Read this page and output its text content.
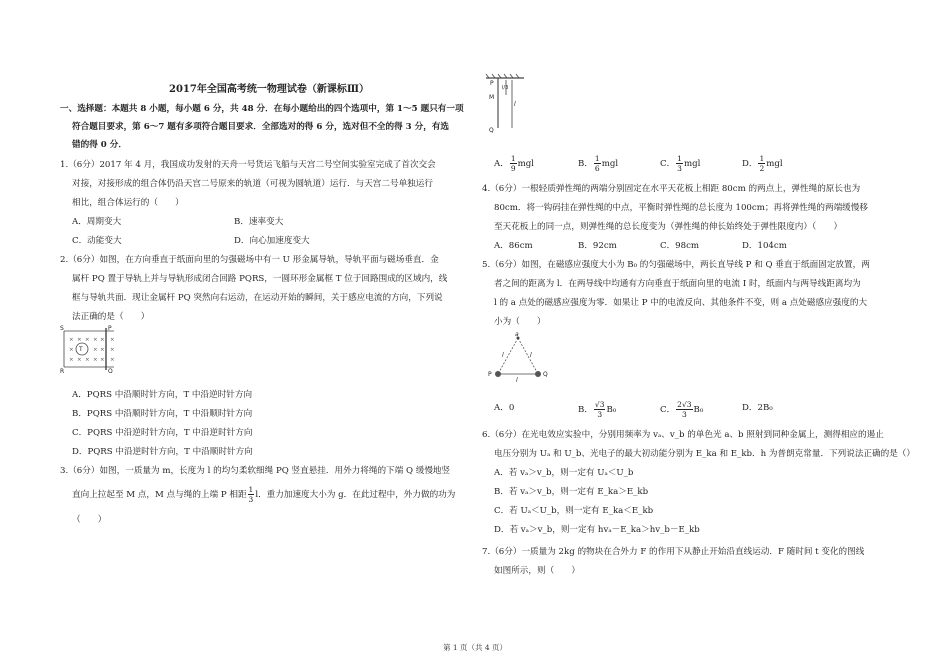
2017年全国高考统一物理试卷（新课标Ⅲ）
一、选择题：本题共 8 小题，每小题 6 分，共 48 分．在每小题给出的四个选项中，第 1～5 题只有一项
符合题目要求，第 6～7 题有多项符合题目要求．全部选对的得 6 分，选对但不全的得 3 分，有选
错的得 0 分．
1.（6分）2017 年 4 月，我国成功发射的天舟一号货运飞船与天宫二号空间实验室完成了首次交会
对接，对接形成的组合体仍沿天宫二号原来的轨道（可视为圆轨道）运行．与天宫二号单独运行
相比，组合体运行的（　　）
A．周期变大	B．速率变大
C．动能变大	D．向心加速度变大
2.（6分）如图，在方向垂直于纸面向里的匀强磁场中有一 U 形金属导轨，导轨平面与磁场垂直．金
属杆 PQ 置于导轨上并与导轨形成闭合回路 PQRS，一圆环形金属框 T 位于回路围成的区域内，线
框与导轨共面．现让金属杆 PQ 突然向右运动，在运动开始的瞬间，关于感应电流的方向，下列说
法正确的是（　　）
× × × × × ×
×	× × ×
× × × × × ×
S	P
R	Q
T
A．PQRS 中沿顺时针方向，T 中沿逆时针方向
B．PQRS 中沿顺时针方向，T 中沿顺时针方向
C．PQRS 中沿逆时针方向，T 中沿逆时针方向
D．PQRS 中沿逆时针方向，T 中沿顺时针方向
3.（6分）如图，一质量为 m，长度为 l 的均匀柔软细绳 PQ 竖直悬挂．用外力将绳的下端 Q 缓慢地竖
直向上拉起至 M 点，M 点与绳的上端 P 相距 $\frac{1}{3}$ l．重力加速度大小为 g．在此过程中，外力做的功为
（　　）
P
M
Q
l/3
l
A． $\frac{1}{9}$ mgl	B． $\frac{1}{6}$ mgl	C． $\frac{1}{3}$ mgl	D． $\frac{1}{2}$ mgl
4.（6分）一根轻质弹性绳的两端分别固定在水平天花板上相距 80cm 的两点上，弹性绳的原长也为
80cm．将一钩码挂在弹性绳的中点，平衡时弹性绳的总长度为 100cm；再将弹性绳的两端缓慢移
至天花板上的同一点，则弹性绳的总长度变为（弹性绳的伸长始终处于弹性限度内）（　　）
A．86cm	B．92cm	C．98cm	D．104cm
5.（6分）如图，在磁感应强度大小为 B₀ 的匀强磁场中，两长直导线 P 和 Q 垂直于纸面固定放置，两
者之间的距离为 l．在两导线中均通有方向垂直于纸面向里的电流 I 时，纸面内与两导线距离均为
l 的 a 点处的磁感应强度为零．如果让 P 中的电流反向、其他条件不变，则 a 点处磁感应强度的大
小为（　　）
a
P	Q
l	l
l
A．0	B． $\frac{√3}{3} B_0$	C． $\frac{2√3}{3} B_0$	D．2B₀
6.（6分）在光电效应实验中，分别用频率为 vₐ、v_b 的单色光 a、b 照射到同种金属上，测得相应的遏止
电压分别为 Uₐ 和 U_b、光电子的最大初动能分别为 E_ka 和 E_kb．h 为普朗克常量．下列说法正确的是（）
A．若 vₐ＞v_b，则一定有 Uₐ＜U_b
B．若 vₐ＞v_b，则一定有 E_ka＞E_kb
C．若 Uₐ＜U_b，则一定有 E_ka＜E_kb
D．若 vₐ＞v_b，则一定有 hvₐ－E_ka＞hv_b－E_kb
7.（6分）一质量为 2kg 的物块在合外力 F 的作用下从静止开始沿直线运动．F 随时间 t 变化的图线
如图所示，则（　　）
第 1 页（共 4 页）
